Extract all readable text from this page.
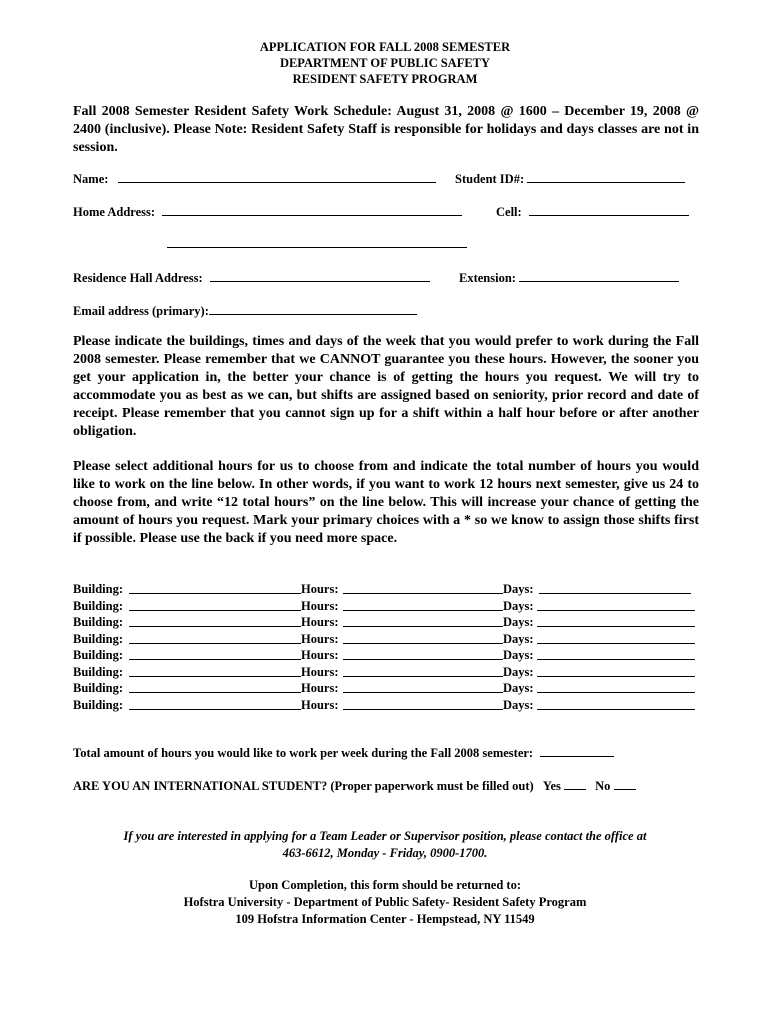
APPLICATION FOR FALL 2008 SEMESTER
DEPARTMENT OF PUBLIC SAFETY
RESIDENT SAFETY PROGRAM
Fall 2008 Semester Resident Safety Work Schedule: August 31, 2008 @ 1600 – December 19, 2008 @ 2400 (inclusive). Please Note: Resident Safety Staff is responsible for holidays and days classes are not in session.
Name:	Student ID#:
Home Address:	Cell:
Residence Hall Address:	Extension:
Email address (primary):
Please indicate the buildings, times and days of the week that you would prefer to work during the Fall 2008 semester. Please remember that we CANNOT guarantee you these hours. However, the sooner you get your application in, the better your chance is of getting the hours you request. We will try to accommodate you as best as we can, but shifts are assigned based on seniority, prior record and date of receipt. Please remember that you cannot sign up for a shift within a half hour before or after another obligation.
Please select additional hours for us to choose from and indicate the total number of hours you would like to work on the line below. In other words, if you want to work 12 hours next semester, give us 24 to choose from, and write “12 total hours” on the line below. This will increase your chance of getting the amount of hours you request. Mark your primary choices with a * so we know to assign those shifts first if possible. Please use the back if you need more space.
Building:	Hours:	Days:
Building:	Hours:	Days:
Building:	Hours:	Days:
Building:	Hours:	Days:
Building:	Hours:	Days:
Building:	Hours:	Days:
Building:	Hours:	Days:
Building:	Hours:	Days:
Total amount of hours you would like to work per week during the Fall 2008 semester:
ARE YOU AN INTERNATIONAL STUDENT? (Proper paperwork must be filled out) Yes	No
If you are interested in applying for a Team Leader or Supervisor position, please contact the office at
463-6612, Monday - Friday, 0900-1700.
Upon Completion, this form should be returned to:
Hofstra University - Department of Public Safety- Resident Safety Program
109 Hofstra Information Center - Hempstead, NY 11549
